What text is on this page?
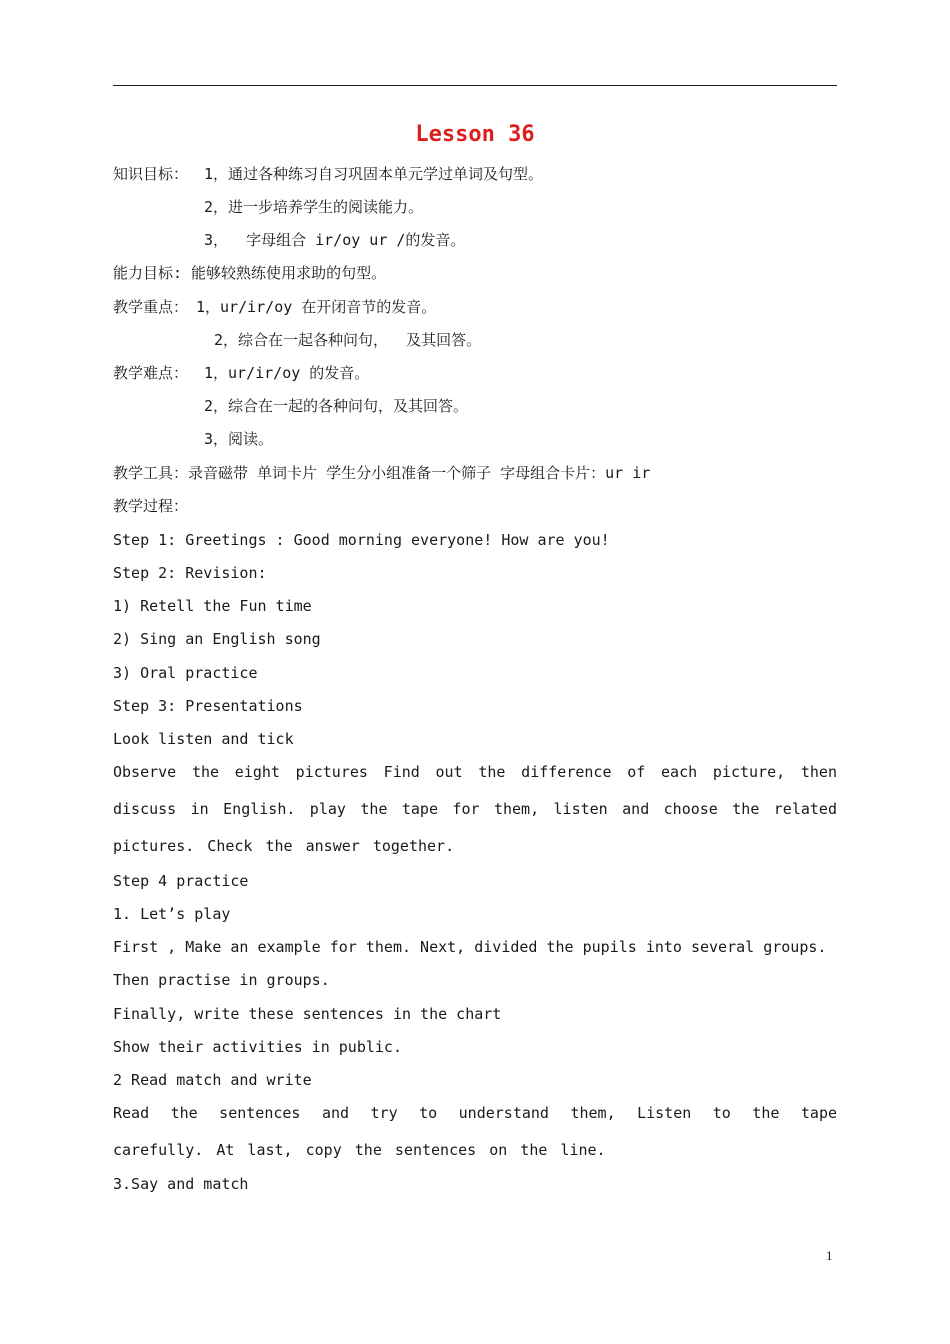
Lesson 36
知识目标： 1，通过各种练习自习巩固本单元学过单词及句型。
2，进一步培养学生的阅读能力。
3，  字母组合 ir/oy ur /的发音。
能力目标: 能够较熟练使用求助的句型。
教学重点： 1，ur/ir/oy 在开闭音节的发音。
2，综合在一起各种问句，  及其回答。
教学难点： 1，ur/ir/oy 的发音。
2，综合在一起的各种问句，及其回答。
3，阅读。
教学工具：录音磁带 单词卡片 学生分小组准备一个筛子 字母组合卡片：ur ir
教学过程：
Step 1: Greetings : Good morning everyone! How are you!
Step 2: Revision:
1) Retell the Fun time
2) Sing an English song
3) Oral practice
Step 3: Presentations
Look listen and tick
Observe the eight pictures Find out the difference of each picture, then discuss in English. play the tape for them, listen and choose the related pictures. Check the answer together.
Step 4 practice
1. Let’s play
First , Make an example for them. Next, divided the pupils into several groups.
Then practise in groups.
Finally, write these sentences in the chart
Show their activities in public.
2 Read match and write
Read the sentences and try to understand them, Listen to the tape carefully. At last, copy the sentences on the line.
3.Say and match
1
